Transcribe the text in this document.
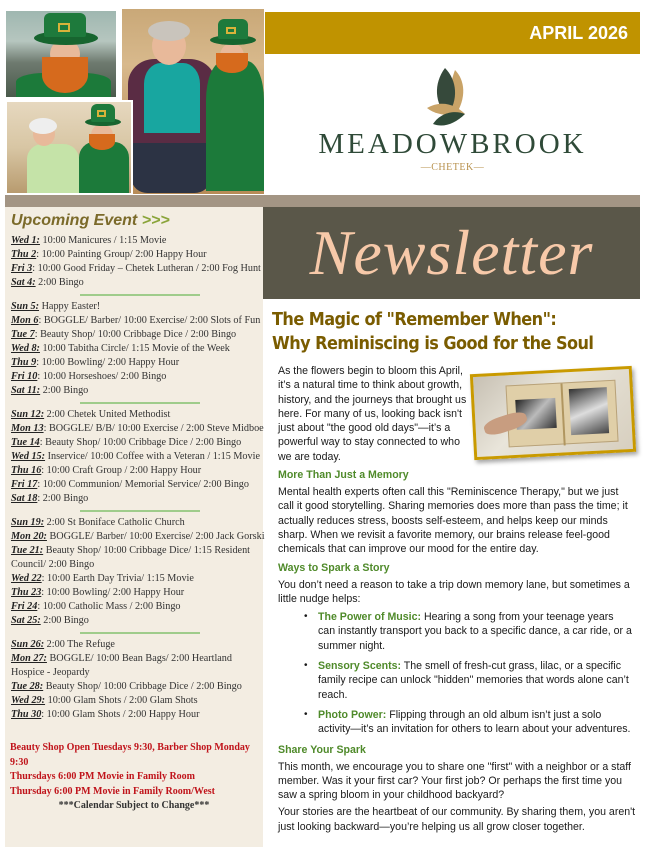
APRIL 2026
MEADOWBROOK
—CHETEK—
Upcoming Event >>>
Wed 1: 10:00 Manicures / 1:15 Movie
Thu 2: 10:00 Painting Group/ 2:00 Happy Hour
Fri 3: 10:00 Good Friday – Chetek Lutheran / 2:00 Fog Hunt
Sat 4: 2:00 Bingo
Sun 5: Happy Easter!
Mon 6: BOGGLE/ Barber/ 10:00 Exercise/ 2:00 Slots of Fun
Tue 7: Beauty Shop/ 10:00 Cribbage Dice / 2:00 Bingo
Wed 8: 10:00 Tabitha Circle/ 1:15 Movie of the Week
Thu 9: 10:00 Bowling/ 2:00 Happy Hour
Fri 10: 10:00 Horseshoes/ 2:00 Bingo
Sat 11: 2:00 Bingo
Sun 12: 2:00 Chetek United Methodist
Mon 13: BOGGLE/ B/B/ 10:00 Exercise / 2:00 Steve Midboe
Tue 14: Beauty Shop/ 10:00 Cribbage Dice / 2:00 Bingo
Wed 15: Inservice/ 10:00 Coffee with a Veteran / 1:15 Movie
Thu 16: 10:00 Craft Group / 2:00 Happy Hour
Fri 17: 10:00 Communion/ Memorial Service/ 2:00 Bingo
Sat 18: 2:00 Bingo
Sun 19: 2:00 St Boniface Catholic Church
Mon 20: BOGGLE/ Barber/ 10:00 Exercise/ 2:00 Jack Gorski
Tue 21: Beauty Shop/ 10:00 Cribbage Dice/ 1:15 Resident Council/ 2:00 Bingo
Wed 22: 10:00 Earth Day Trivia/ 1:15 Movie
Thu 23: 10:00 Bowling/ 2:00 Happy Hour
Fri 24: 10:00 Catholic Mass / 2:00 Bingo
Sat 25: 2:00 Bingo
Sun 26: 2:00 The Refuge
Mon 27: BOGGLE/ 10:00 Bean Bags/ 2:00 Heartland Hospice - Jeopardy
Tue 28: Beauty Shop/ 10:00 Cribbage Dice / 2:00 Bingo
Wed 29: 10:00 Glam Shots / 2:00 Glam Shots
Thu 30: 10:00 Glam Shots / 2:00 Happy Hour
Beauty Shop Open Tuesdays 9:30, Barber Shop Monday 9:30
Thursdays 6:00 PM Movie in Family Room
Thursday 6:00 PM Movie in Family Room/West
***Calendar Subject to Change***
Newsletter
The Magic of "Remember When":
Why Reminiscing is Good for the Soul
As the flowers begin to bloom this April, it’s a natural time to think about growth, history, and the journeys that brought us here. For many of us, looking back isn't just about "the good old days"—it’s a powerful way to stay connected to who we are today.
More Than Just a Memory
Mental health experts often call this "Reminiscence Therapy," but we just call it good storytelling. Sharing memories does more than pass the time; it actually reduces stress, boosts self-esteem, and helps keep our minds sharp. When we revisit a favorite memory, our brains release feel-good chemicals that can improve our mood for the entire day.
Ways to Spark a Story
You don’t need a reason to take a trip down memory lane, but sometimes a little nudge helps:
• The Power of Music: Hearing a song from your teenage years can instantly transport you back to a specific dance, a car ride, or a summer night.
• Sensory Scents: The smell of fresh-cut grass, lilac, or a specific family recipe can unlock "hidden" memories that words alone can’t reach.
• Photo Power: Flipping through an old album isn’t just a solo activity—it’s an invitation for others to learn about your adventures.
Share Your Spark
This month, we encourage you to share one "first" with a neighbor or a staff member. Was it your first car? Your first job? Or perhaps the first time you saw a spring bloom in your childhood backyard?
Your stories are the heartbeat of our community. By sharing them, you aren't just looking backward—you’re helping us all grow closer together.
